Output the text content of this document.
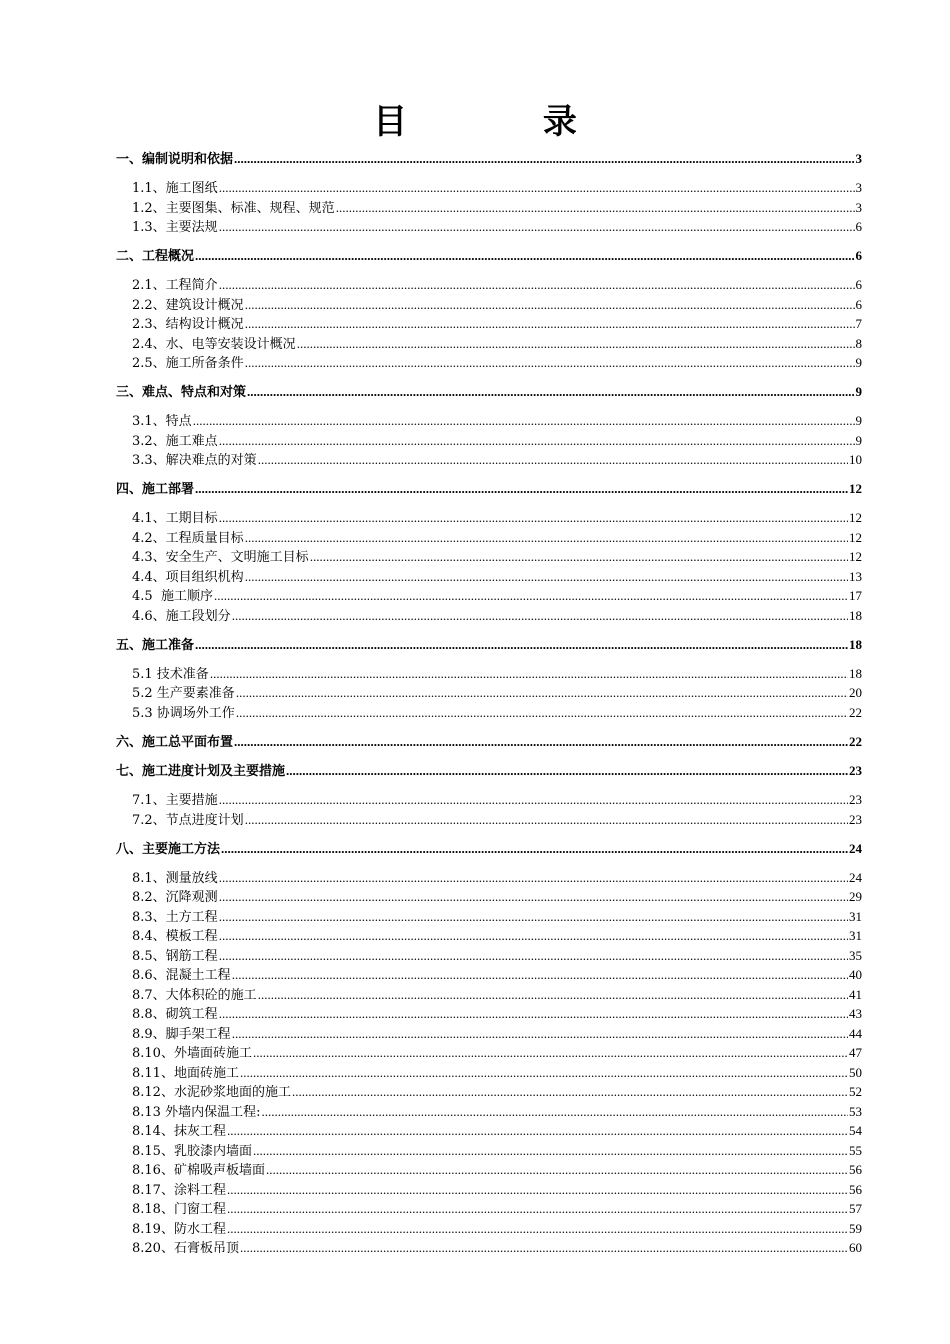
目 录
一、编制说明和依据 .....	3
1.1、施工图纸 .....	3
1.2、主要图集、标准、规程、规范 .....	3
1.3、主要法规 .....	6
二、工程概况 .....	6
2.1、工程简介 .....	6
2.2、建筑设计概况 .....	6
2.3、结构设计概况 .....	7
2.4、水、电等安装设计概况 .....	8
2.5、施工所备条件 .....	9
三、难点、特点和对策 .....	9
3.1、特点 .....	9
3.2、施工难点 .....	9
3.3、解决难点的对策 .....	10
四、施工部署 .....	12
4.1、工期目标 .....	12
4.2、工程质量目标 .....	12
4.3、安全生产、文明施工目标 .....	12
4.4、项目组织机构 .....	13
4.5  施工顺序 .....	17
4.6、施工段划分 .....	18
五、施工准备 .....	18
5.1 技术准备 .....	18
5.2 生产要素准备 .....	20
5.3 协调场外工作 .....	22
六、施工总平面布置 .....	22
七、施工进度计划及主要措施 .....	23
7.1、主要措施 .....	23
7.2、节点进度计划 .....	23
八、主要施工方法 .....	24
8.1、测量放线 .....	24
8.2、沉降观测 .....	29
8.3、土方工程 .....	31
8.4、模板工程 .....	31
8.5、钢筋工程 .....	35
8.6、混凝土工程 .....	40
8.7、大体积砼的施工 .....	41
8.8、砌筑工程 .....	43
8.9、脚手架工程 .....	44
8.10、外墙面砖施工 .....	47
8.11、地面砖施工 .....	50
8.12、水泥砂浆地面的施工 .....	52
8.13 外墙内保温工程: .....	53
8.14、抹灰工程 .....	54
8.15、乳胶漆内墙面 .....	55
8.16、矿棉吸声板墙面 .....	56
8.17、涂料工程 .....	56
8.18、门窗工程 .....	57
8.19、防水工程 .....	59
8.20、石膏板吊顶 .....	60
